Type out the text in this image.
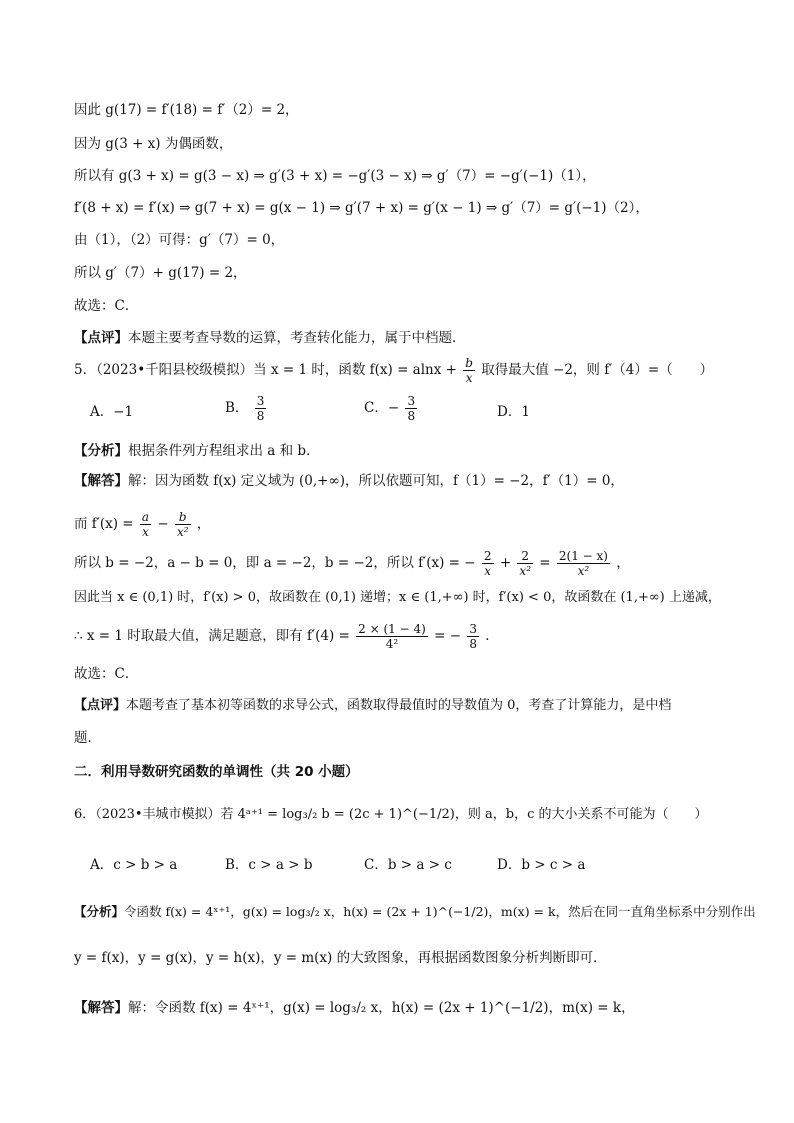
因此 g(17) = f′(18) = f′（2）= 2，
因为 g(3 + x) 为偶函数，
所以有 g(3 + x) = g(3 − x) ⇒ g′(3 + x) = −g′(3 − x) ⇒ g′（7）= −g′(−1)（1），
f′(8 + x) = f′(x) ⇒ g(7 + x) = g(x − 1) ⇒ g′(7 + x) = g′(x − 1) ⇒ g′（7）= g′(−1)（2），
由（1），（2）可得：g′（7）= 0，
所以 g′（7）+ g(17) = 2，
故选：C．
【点评】本题主要考查导数的运算，考查转化能力，属于中档题．
5．（2023•千阳县校级模拟）当 x = 1 时，函数 $f(x) = alnx + \frac{b}{x}$ 取得最大值 −2，则 f′（4）=（　　）
A．−1	B． $\frac{3}{8}$	C．− $\frac{3}{8}$	D．1
【分析】根据条件列方程组求出 a 和 b．
【解答】解：因为函数 f(x) 定义域为 (0,+∞)，所以依题可知，f（1）= −2，f′（1）= 0，
而 $f'(x) = \frac{a}{x} - \frac{b}{\text{x²}}$ ，
所以 b = −2，a − b = 0，即 a = −2，b = −2，所以 f′(x) = − $\frac{2}{x} + \frac{2}{\text{x²}} = \frac{2(1 - x)}{\text{x²}}$ ，
因此当 x ∈ (0,1) 时，f′(x) > 0，故函数在 (0,1) 递增；x ∈ (1,+∞) 时，f′(x) < 0，故函数在 (1,+∞) 上递减，
∴ x = 1 时取最大值，满足题意，即有 $f'(4) = \frac{2 \times (1 - 4)}{\text{4²}}$ = − $\frac{3}{8}$ ．
故选：C．
【点评】本题考查了基本初等函数的求导公式，函数取得最值时的导数值为 0，考查了计算能力，是中档
题．
二．利用导数研究函数的单调性（共 20 小题）
6．（2023•丰城市模拟）若 4ᵃ⁺¹ = log₃/₂ b = (2c + 1)^(−1/2)，则 a，b，c 的大小关系不可能为（　　）
A．c > b > a	B．c > a > b	C．b > a > c	D．b > c > a
【分析】令函数 f(x) = 4ˣ⁺¹，g(x) = log₃/₂ x，h(x) = (2x + 1)^(−1/2)，m(x) = k，然后在同一直角坐标系中分别作出
y = f(x)，y = g(x)，y = h(x)，y = m(x) 的大致图象，再根据函数图象分析判断即可．
【解答】解：令函数 f(x) = 4ˣ⁺¹，g(x) = log₃/₂ x，h(x) = (2x + 1)^(−1/2)，m(x) = k，
